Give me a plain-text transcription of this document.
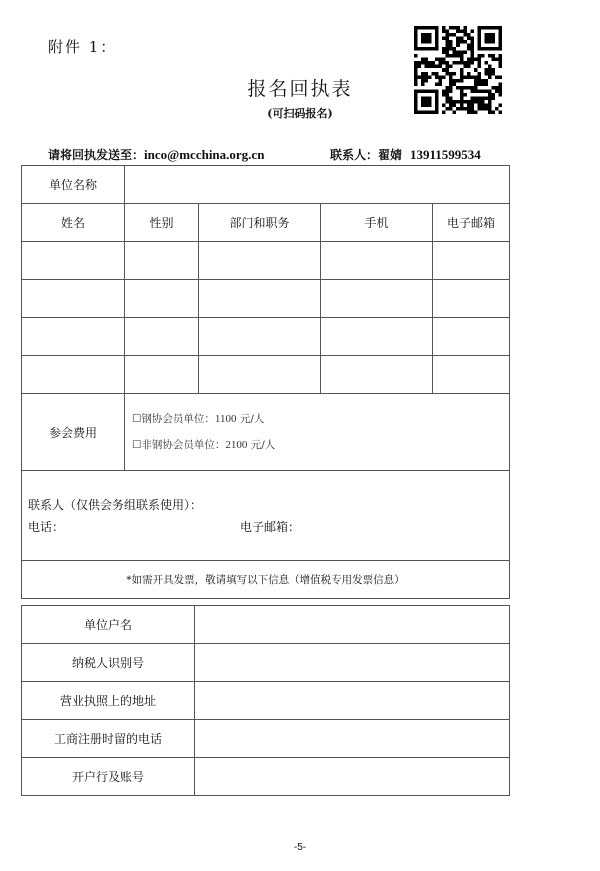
附件 1：
报名回执表
(可扫码报名)
请将回执发送至：inco@mcchina.org.cn	联系人：翟婧 13911599534
单位名称				
姓名	性别	部门和职务	手机	电子邮箱

参会费用	☐钢协会员单位：1100 元/人
☐非钢协会员单位：2100 元/人			

联系人（仅供会务组联系使用）：
电话： 电子邮箱：				

*如需开具发票，敬请填写以下信息（增值税专用发票信息）				
单位户名	
纳税人识别号	
营业执照上的地址	
工商注册时留的电话	
开户行及账号	
-5-
